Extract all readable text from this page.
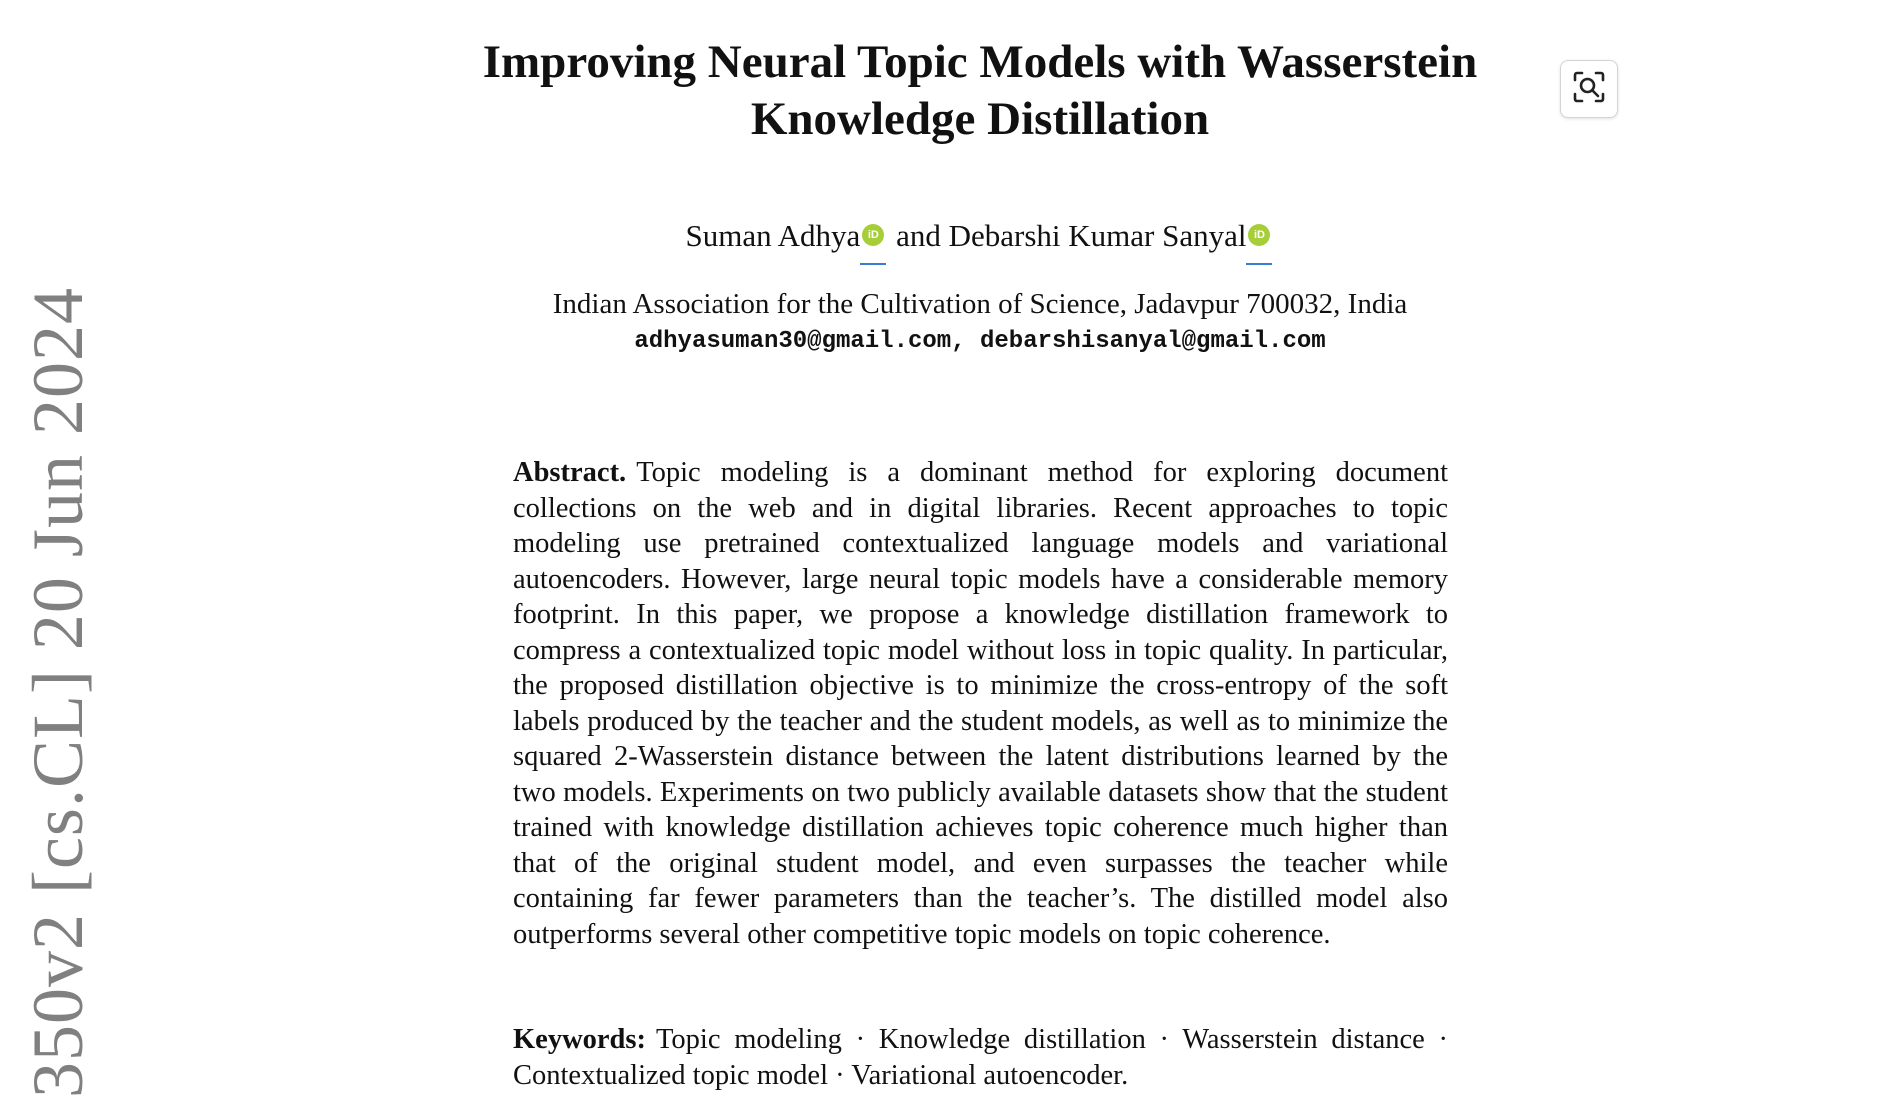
350v2 [cs.CL] 20 Jun 2024
Improving Neural Topic Models with Wasserstein
Knowledge Distillation
Suman Adhya iD and Debarshi Kumar Sanyal iD
Indian Association for the Cultivation of Science, Jadavpur 700032, India
adhyasuman30@gmail.com, debarshisanyal@gmail.com
Abstract. Topic modeling is a dominant method for exploring document collections on the web and in digital libraries. Recent approaches to topic modeling use pretrained contextualized language models and variational autoencoders. However, large neural topic models have a considerable memory footprint. In this paper, we propose a knowledge distillation framework to compress a contextualized topic model without loss in topic quality. In particular, the proposed distillation objective is to minimize the cross-entropy of the soft labels produced by the teacher and the student models, as well as to minimize the squared 2-Wasserstein distance between the latent distributions learned by the two models. Experiments on two publicly available datasets show that the student trained with knowledge distillation achieves topic coherence much higher than that of the original student model, and even surpasses the teacher while containing far fewer parameters than the teacher’s. The distilled model also outperforms several other competitive topic models on topic coherence.
Keywords: Topic modeling · Knowledge distillation · Wasserstein distance · Contextualized topic model · Variational autoencoder.
